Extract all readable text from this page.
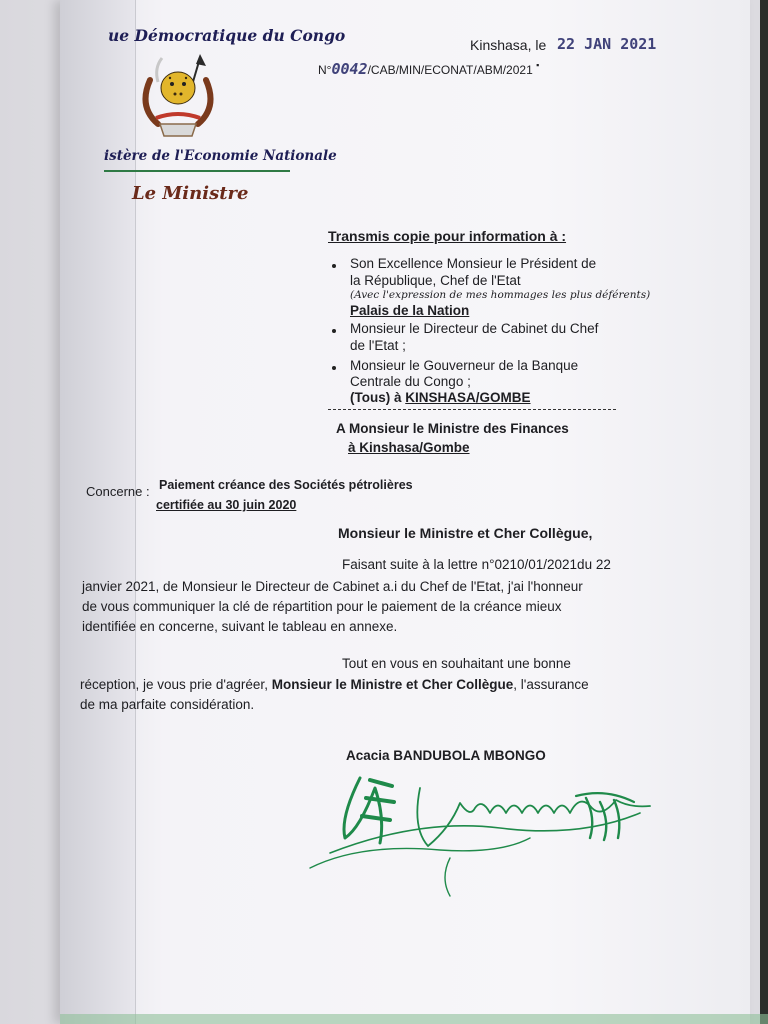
ue Démocratique du Congo
istère de l'Economie Nationale
Le Ministre
Kinshasa, le 22 JAN 2021
N°0042/CAB/MIN/ECONAT/ABM/2021 ▪
Transmis copie pour information à :
Son Excellence Monsieur le Président de
la République, Chef de l'Etat
(Avec l'expression de mes hommages les plus déférents)
Palais de la Nation
Monsieur le Directeur de Cabinet du Chef
de l'Etat ;
Monsieur le Gouverneur de la Banque
Centrale du Congo ;
(Tous) à KINSHASA/GOMBE
A Monsieur le Ministre des Finances
à Kinshasa/Gombe
Concerne : Paiement créance des Sociétés pétrolières
certifiée au 30 juin 2020
Monsieur le Ministre et Cher Collègue,
Faisant suite à la lettre n°0210/01/2021du 22
janvier 2021, de Monsieur le Directeur de Cabinet a.i du Chef de l'Etat, j'ai l'honneur
de vous communiquer la clé de répartition pour le paiement de la créance mieux
identifiée en concerne, suivant le tableau en annexe.
Tout en vous en souhaitant une bonne
réception, je vous prie d'agréer, Monsieur le Ministre et Cher Collègue, l'assurance
de ma parfaite considération.
Acacia BANDUBOLA MBONGO
